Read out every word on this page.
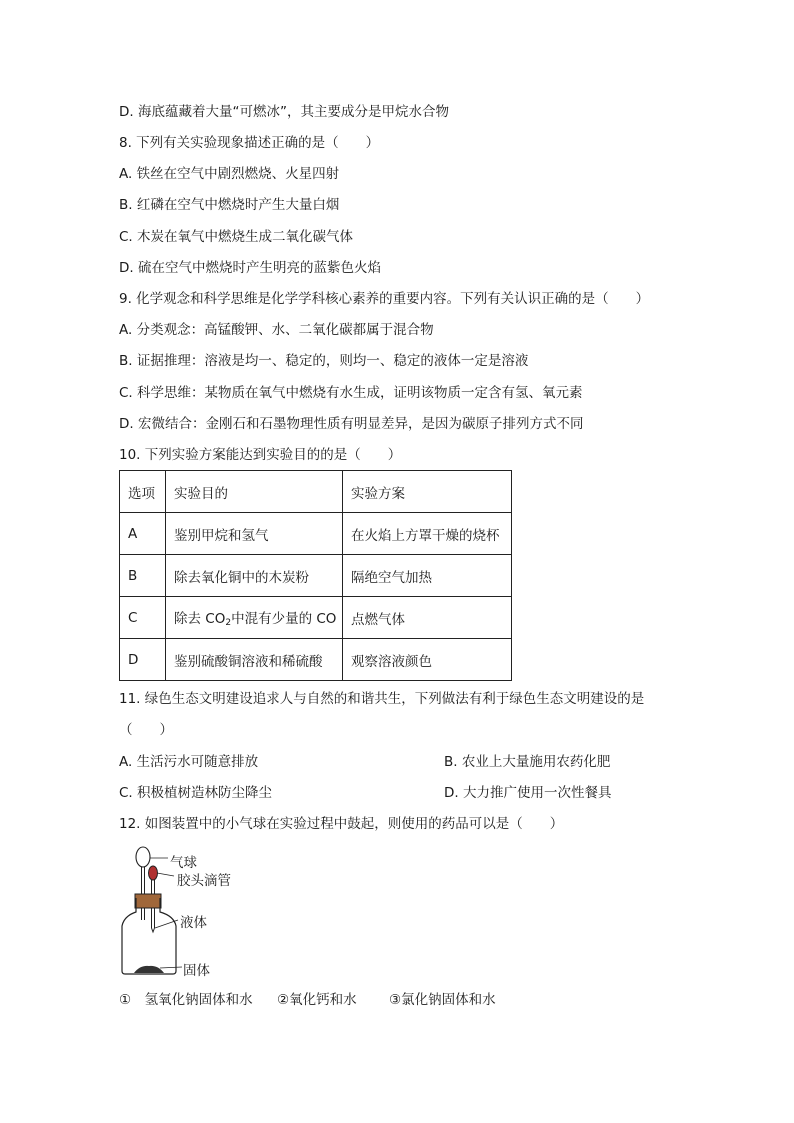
D. 海底蕴藏着大量“可燃冰”，其主要成分是甲烷水合物
8. 下列有关实验现象描述正确的是（　　）
A. 铁丝在空气中剧烈燃烧、火星四射
B. 红磷在空气中燃烧时产生大量白烟
C. 木炭在氧气中燃烧生成二氧化碳气体
D. 硫在空气中燃烧时产生明亮的蓝紫色火焰
9. 化学观念和科学思维是化学学科核心素养的重要内容。下列有关认识正确的是（　　）
A. 分类观念：高锰酸钾、水、二氧化碳都属于混合物
B. 证据推理：溶液是均一、稳定的，则均一、稳定的液体一定是溶液
C. 科学思维：某物质在氧气中燃烧有水生成，证明该物质一定含有氢、氧元素
D. 宏微结合：金刚石和石墨物理性质有明显差异，是因为碳原子排列方式不同
10. 下列实验方案能达到实验目的的是（　　）
选项	实验目的	实验方案
A	鉴别甲烷和氢气	在火焰上方罩干燥的烧杯
B	除去氧化铜中的木炭粉	隔绝空气加热
C	除去 $CO_2$中混有少量的 CO	点燃气体
D	鉴别硫酸铜溶液和稀硫酸	观察溶液颜色
11. 绿色生态文明建设追求人与自然的和谐共生，下列做法有利于绿色生态文明建设的是
（　　）
A. 生活污水可随意排放	B. 农业上大量施用农药化肥
C. 积极植树造林防尘降尘	D. 大力推广使用一次性餐具
12. 如图装置中的小气球在实验过程中鼓起，则使用的药品可以是（　　）
气球
胶头滴管
液体
固体
①　氢氧化钠固体和水 ②氧化钙和水 ③氯化钠固体和水
